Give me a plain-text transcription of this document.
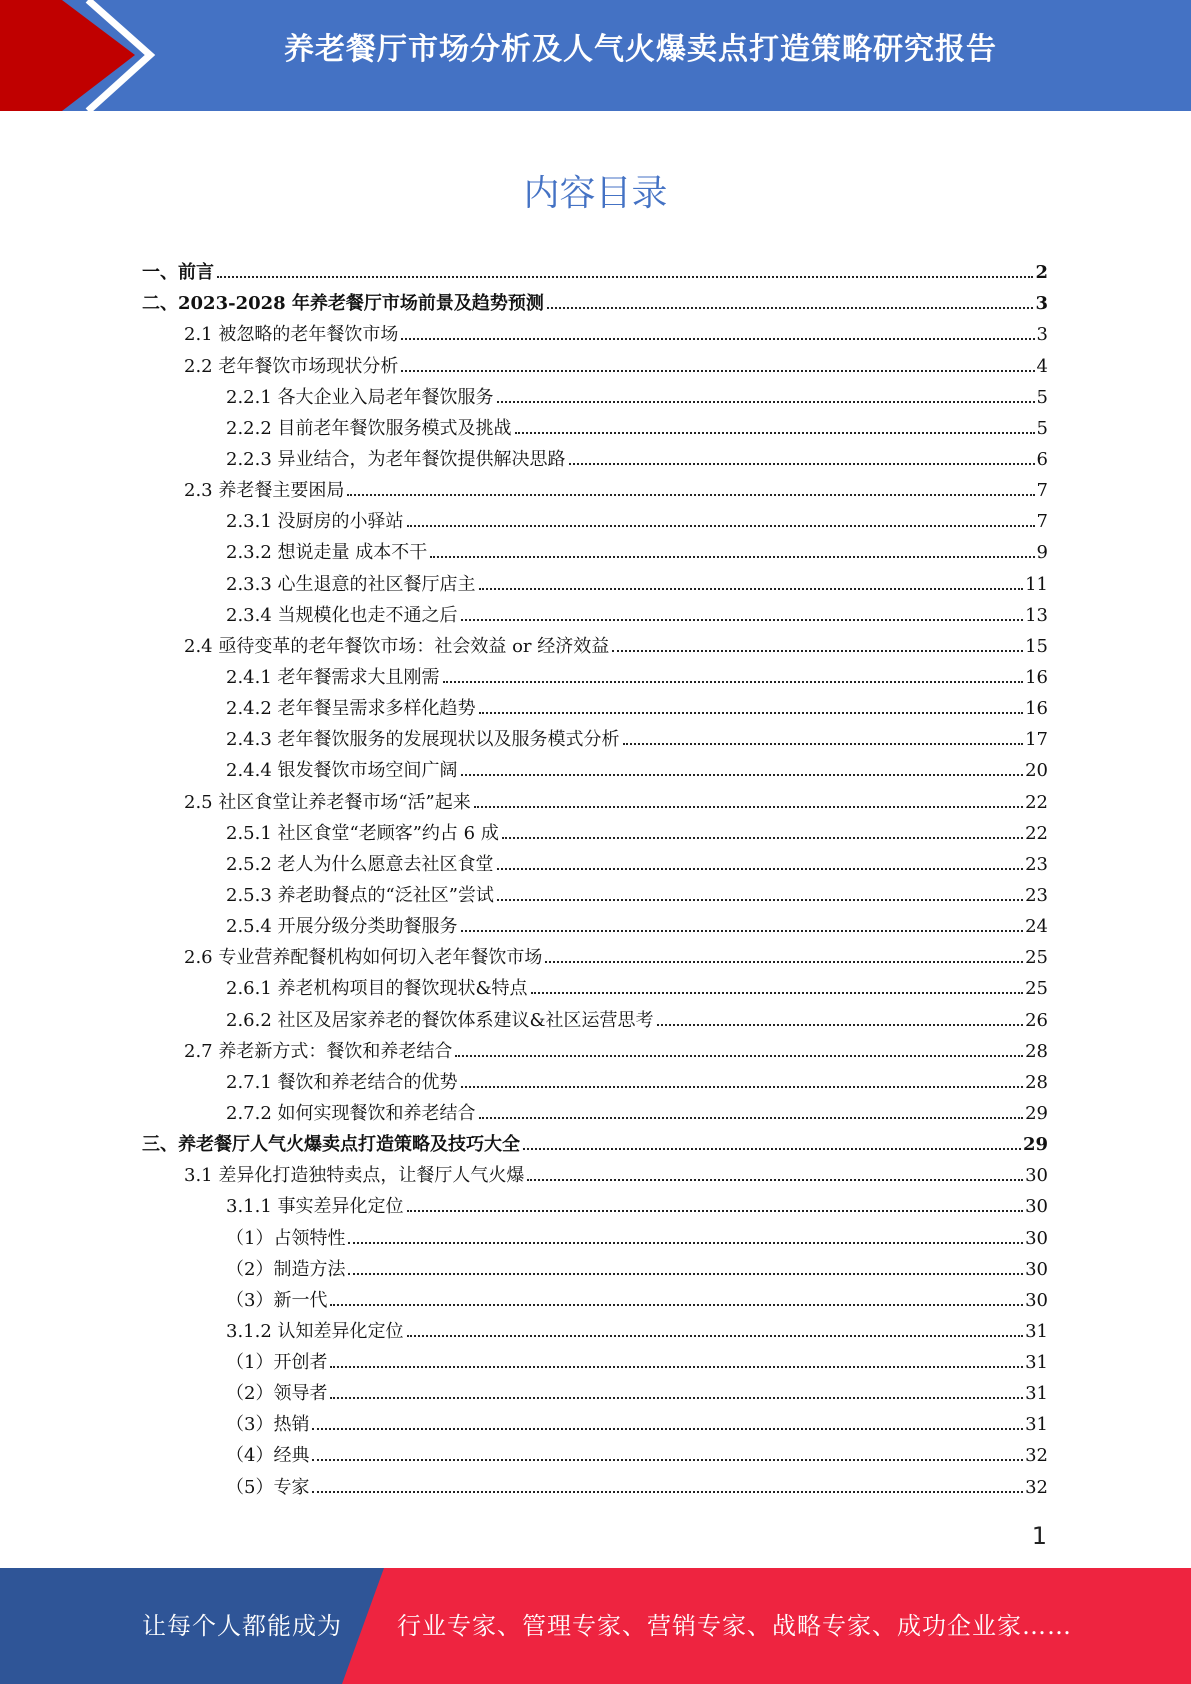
养老餐厅市场分析及人气火爆卖点打造策略研究报告
内容目录
一、前言	2
二、2023-2028 年养老餐厅市场前景及趋势预测	3
2.1 被忽略的老年餐饮市场	3
2.2 老年餐饮市场现状分析	4
2.2.1 各大企业入局老年餐饮服务	5
2.2.2 目前老年餐饮服务模式及挑战	5
2.2.3 异业结合，为老年餐饮提供解决思路	6
2.3 养老餐主要困局	7
2.3.1 没厨房的小驿站	7
2.3.2 想说走量 成本不干	9
2.3.3 心生退意的社区餐厅店主	11
2.3.4 当规模化也走不通之后	13
2.4 亟待变革的老年餐饮市场：社会效益 or 经济效益	15
2.4.1 老年餐需求大且刚需	16
2.4.2 老年餐呈需求多样化趋势	16
2.4.3 老年餐饮服务的发展现状以及服务模式分析	17
2.4.4 银发餐饮市场空间广阔	20
2.5 社区食堂让养老餐市场“活”起来	22
2.5.1 社区食堂“老顾客”约占 6 成	22
2.5.2 老人为什么愿意去社区食堂	23
2.5.3 养老助餐点的“泛社区”尝试	23
2.5.4 开展分级分类助餐服务	24
2.6 专业营养配餐机构如何切入老年餐饮市场	25
2.6.1 养老机构项目的餐饮现状&特点	25
2.6.2 社区及居家养老的餐饮体系建议&社区运营思考	26
2.7 养老新方式：餐饮和养老结合	28
2.7.1 餐饮和养老结合的优势	28
2.7.2 如何实现餐饮和养老结合	29
三、养老餐厅人气火爆卖点打造策略及技巧大全	29
3.1 差异化打造独特卖点，让餐厅人气火爆	30
3.1.1 事实差异化定位	30
（1）占领特性	30
（2）制造方法	30
（3）新一代	30
3.1.2 认知差异化定位	31
（1）开创者	31
（2）领导者	31
（3）热销	31
（4）经典	32
（5）专家	32
1
让每个人都能成为 行业专家、管理专家、营销专家、战略专家、成功企业家……
